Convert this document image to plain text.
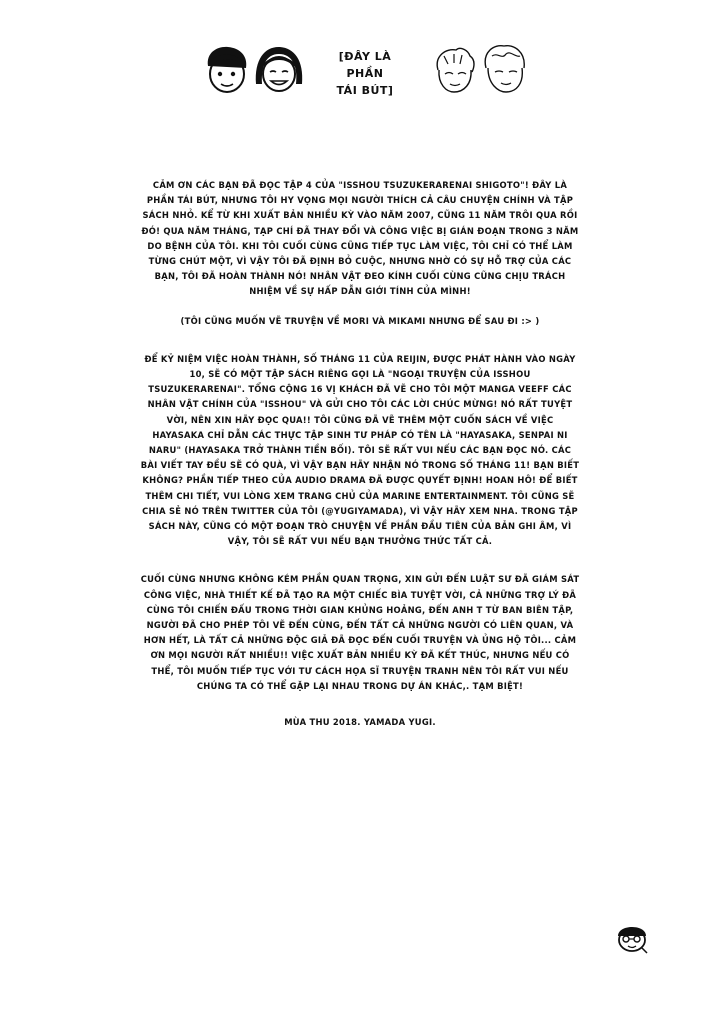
[ĐÂY LÀ PHẦN
TÁI BÚT]

CẢM ƠN CÁC BẠN ĐÃ ĐỌC TẬP 4 CỦA "ISSHOU TSUZUKERARENAI SHIGOTO"! ĐÂY LÀ PHẦN TÁI BÚT, NHƯNG TÔI HY VỌNG MỌI NGƯỜI THÍCH CẢ CÂU CHUYỆN CHÍNH VÀ TẬP SÁCH NHỎ. KỂ TỪ KHI XUẤT BẢN NHIỀU KỲ VÀO NĂM 2007, CŨNG 11 NĂM TRÔI QUA RỒI ĐÓ! QUA NĂM THÁNG, TẠP CHÍ ĐÃ THAY ĐỔI VÀ CÔNG VIỆC BỊ GIÁN ĐOẠN TRONG 3 NĂM DO BỆNH CỦA TÔI. KHI TÔI CUỐI CÙNG CŨNG TIẾP TỤC LÀM VIỆC, TÔI CHỈ CÓ THỂ LÀM TỪNG CHÚT MỘT, VÌ VẬY TÔI ĐÃ ĐỊNH BỎ CUỘC, NHƯNG NHỜ CÓ SỰ HỖ TRỢ CỦA CÁC BẠN, TÔI ĐÃ HOÀN THÀNH NÓ! NHÂN VẬT ĐEO KÍNH CUỐI CÙNG CŨNG CHỊU TRÁCH NHIỆM VỀ SỰ HẤP DẪN GIỚI TÍNH CỦA MÌNH!

(TÔI CŨNG MUỐN VẼ TRUYỆN VỀ MORI VÀ MIKAMI NHƯNG ĐỂ SAU ĐI :> )

ĐỂ KỶ NIỆM VIỆC HOÀN THÀNH, SỐ THÁNG 11 CỦA REIJIN, ĐƯỢC PHÁT HÀNH VÀO NGÀY 10, SẼ CÓ MỘT TẬP SÁCH RIÊNG GỌI LÀ "NGOẠI TRUYỆN CỦA ISSHOU TSUZUKERARENAI". TỔNG CỘNG 16 VỊ KHÁCH ĐÃ VẼ CHO TÔI MỘT MANGA VEEFF CÁC NHÂN VẬT CHÍNH CỦA "ISSHOU" VÀ GỬI CHO TÔI CÁC LỜI CHÚC MỪNG! NÓ RẤT TUYỆT VỜI, NÊN XIN HÃY ĐỌC QUA!! TÔI CŨNG ĐÃ VẼ THÊM MỘT CUỐN SÁCH VỀ VIỆC HAYASAKA CHỈ DẪN CÁC THỰC TẬP SINH TƯ PHÁP CÓ TÊN LÀ "HAYASAKA, SENPAI NI NARU" (HAYASAKA TRỞ THÀNH TIỀN BỐI). TÔI SẼ RẤT VUI NẾU CÁC BẠN ĐỌC NÓ. CÁC BÀI VIẾT TAY ĐỀU SẼ CÓ QUÀ, VÌ VẬY BẠN HÃY NHẬN NÓ TRONG SỐ THÁNG 11! BẠN BIẾT KHÔNG? PHẦN TIẾP THEO CỦA AUDIO DRAMA ĐÃ ĐƯỢC QUYẾT ĐỊNH! HOAN HÔ! ĐỂ BIẾT THÊM CHI TIẾT, VUI LÒNG XEM TRANG CHỦ CỦA MARINE ENTERTAINMENT. TÔI CŨNG SẼ CHIA SẺ NÓ TRÊN TWITTER CỦA TÔI (@YUGIYAMADA), VÌ VẬY HÃY XEM NHA. TRONG TẬP SÁCH NÀY, CŨNG CÓ MỘT ĐOẠN TRÒ CHUYỆN VỀ PHẦN ĐẦU TIÊN CỦA BẢN GHI ÂM, VÌ VẬY, TÔI SẼ RẤT VUI NẾU BẠN THƯỞNG THỨC TẤT CẢ.

CUỐI CÙNG NHƯNG KHÔNG KÉM PHẦN QUAN TRỌNG, XIN GỬI ĐẾN LUẬT SƯ ĐÃ GIÁM SÁT CÔNG VIỆC, NHÀ THIẾT KẾ ĐÃ TẠO RA MỘT CHIẾC BÌA TUYỆT VỜI, CẢ NHỮNG TRỢ LÝ ĐÃ CÙNG TÔI CHIẾN ĐẤU TRONG THỜI GIAN KHỦNG HOẢNG, ĐẾN ANH T TỪ BAN BIÊN TẬP, NGƯỜI ĐÃ CHO PHÉP TÔI VẼ ĐẾN CÙNG, ĐẾN TẤT CẢ NHỮNG NGƯỜI CÓ LIÊN QUAN, VÀ HƠN HẾT, LÀ TẤT CẢ NHỮNG ĐỘC GIẢ ĐÃ ĐỌC ĐẾN CUỐI TRUYỆN VÀ ỦNG HỘ TÔI... CẢM ƠN MỌI NGƯỜI RẤT NHIỀU!! VIỆC XUẤT BẢN NHIỀU KỲ ĐÃ KẾT THÚC, NHƯNG NẾU CÓ THỂ, TÔI MUỐN TIẾP TỤC VỚI TƯ CÁCH HỌA SĨ TRUYỆN TRANH NÊN TÔI RẤT VUI NẾU CHÚNG TA CÓ THỂ GẶP LẠI NHAU TRONG DỰ ÁN KHÁC,. TẠM BIỆT!

MÙA THU 2018. YAMADA YUGI.
